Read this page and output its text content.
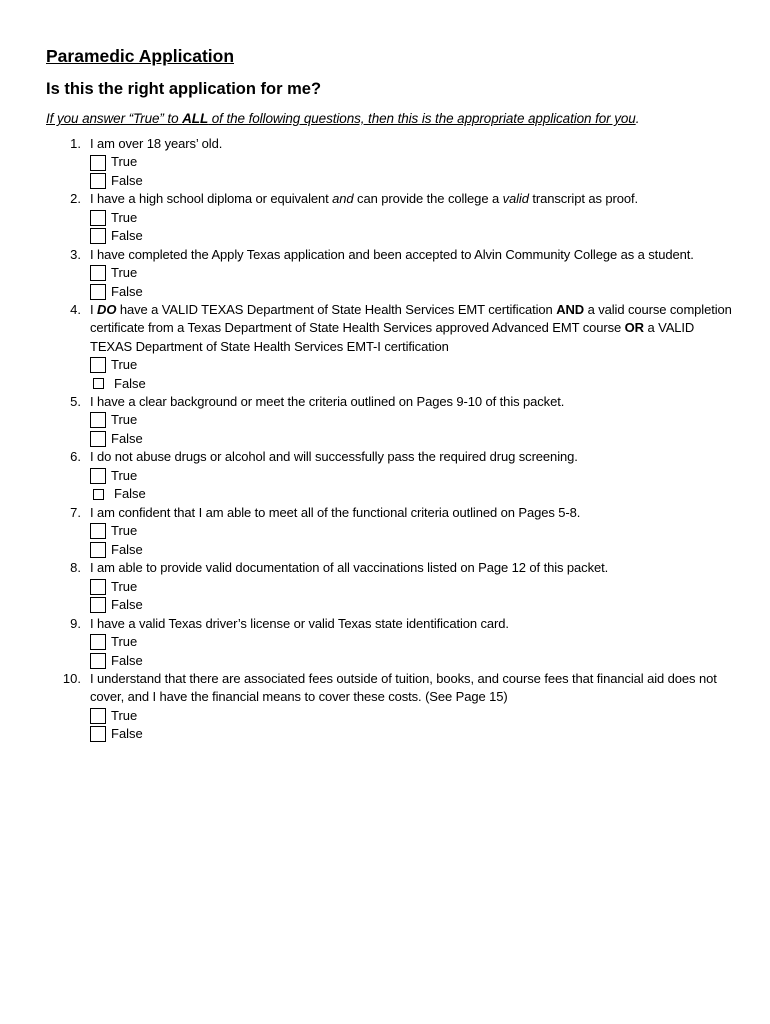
Paramedic Application
Is this the right application for me?

If you answer “True” to ALL of the following questions, then this is the appropriate application for you.

1. I am over 18 years’ old.
True
False
2. I have a high school diploma or equivalent and can provide the college a valid transcript as proof.
True
False
3. I have completed the Apply Texas application and been accepted to Alvin Community College as a student.
True
False
4. I DO have a VALID TEXAS Department of State Health Services EMT certification AND a valid course completion certificate from a Texas Department of State Health Services approved Advanced EMT course OR a VALID TEXAS Department of State Health Services EMT-I certification
True
False
5. I have a clear background or meet the criteria outlined on Pages 9-10 of this packet.
True
False
6. I do not abuse drugs or alcohol and will successfully pass the required drug screening.
True
False
7. I am confident that I am able to meet all of the functional criteria outlined on Pages 5-8.
True
False
8. I am able to provide valid documentation of all vaccinations listed on Page 12 of this packet.
True
False
9. I have a valid Texas driver’s license or valid Texas state identification card.
True
False
10. I understand that there are associated fees outside of tuition, books, and course fees that financial aid does not cover, and I have the financial means to cover these costs. (See Page 15)
True
False
